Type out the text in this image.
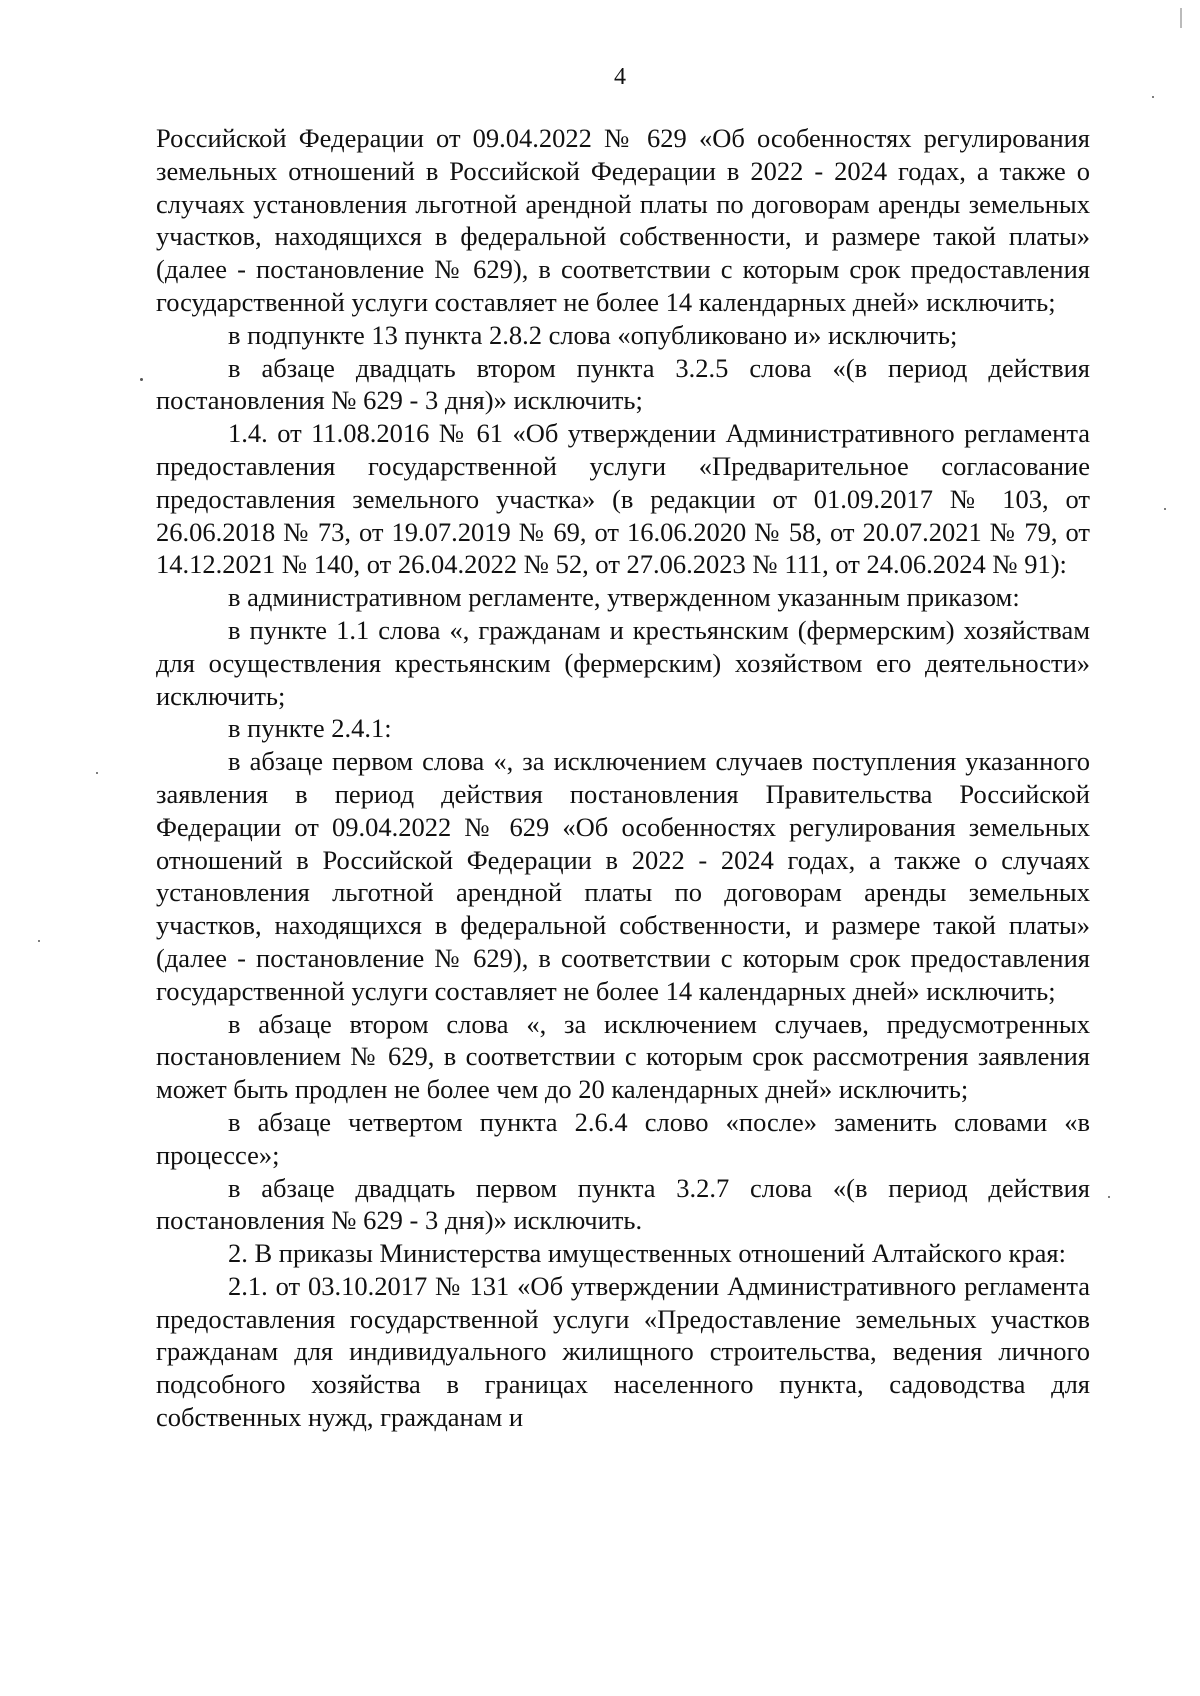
4

Российской Федерации от 09.04.2022 № 629 «Об особенностях регулирования земельных отношений в Российской Федерации в 2022 - 2024 годах, а также о случаях установления льготной арендной платы по договорам аренды земельных участков, находящихся в федеральной собственности, и размере такой платы» (далее - постановление № 629), в соответствии с которым срок предоставления государственной услуги составляет не более 14 календарных дней» исключить;

в подпункте 13 пункта 2.8.2 слова «опубликовано и» исключить;

в абзаце двадцать втором пункта 3.2.5 слова «(в период действия постановления № 629 - 3 дня)» исключить;

1.4. от 11.08.2016 № 61 «Об утверждении Административного регламента предоставления государственной услуги «Предварительное согласование предоставления земельного участка» (в редакции от 01.09.2017 № 103, от 26.06.2018 № 73, от 19.07.2019 № 69, от 16.06.2020 № 58, от 20.07.2021 № 79, от 14.12.2021 № 140, от 26.04.2022 № 52, от 27.06.2023 № 111, от 24.06.2024 № 91):

в административном регламенте, утвержденном указанным приказом:

в пункте 1.1 слова «, гражданам и крестьянским (фермерским) хозяйствам для осуществления крестьянским (фермерским) хозяйством его деятельности» исключить;

в пункте 2.4.1:

в абзаце первом слова «, за исключением случаев поступления указанного заявления в период действия постановления Правительства Российской Федерации от 09.04.2022 № 629 «Об особенностях регулирования земельных отношений в Российской Федерации в 2022 - 2024 годах, а также о случаях установления льготной арендной платы по договорам аренды земельных участков, находящихся в федеральной собственности, и размере такой платы» (далее - постановление № 629), в соответствии с которым срок предоставления государственной услуги составляет не более 14 календарных дней» исключить;

в абзаце втором слова «, за исключением случаев, предусмотренных постановлением № 629, в соответствии с которым срок рассмотрения заявления может быть продлен не более чем до 20 календарных дней» исключить;

в абзаце четвертом пункта 2.6.4 слово «после» заменить словами «в процессе»;

в абзаце двадцать первом пункта 3.2.7 слова «(в период действия постановления № 629 - 3 дня)» исключить.

2. В приказы Министерства имущественных отношений Алтайского края:

2.1. от 03.10.2017 № 131 «Об утверждении Административного регламента предоставления государственной услуги «Предоставление земельных участков гражданам для индивидуального жилищного строительства, ведения личного подсобного хозяйства в границах населенного пункта, садоводства для собственных нужд, гражданам и
